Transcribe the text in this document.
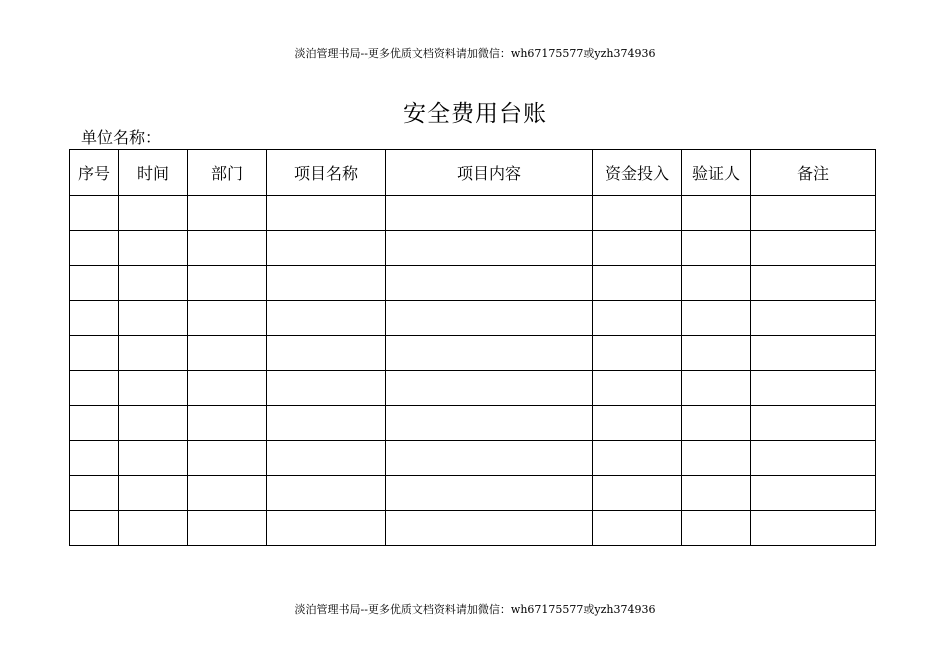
淡泊管理书局--更多优质文档资料请加微信：wh67175577或yzh374936
安全费用台账
单位名称：
序号	时间	部门	项目名称	项目内容	资金投入	验证人	备注

淡泊管理书局--更多优质文档资料请加微信：wh67175577或yzh374936
